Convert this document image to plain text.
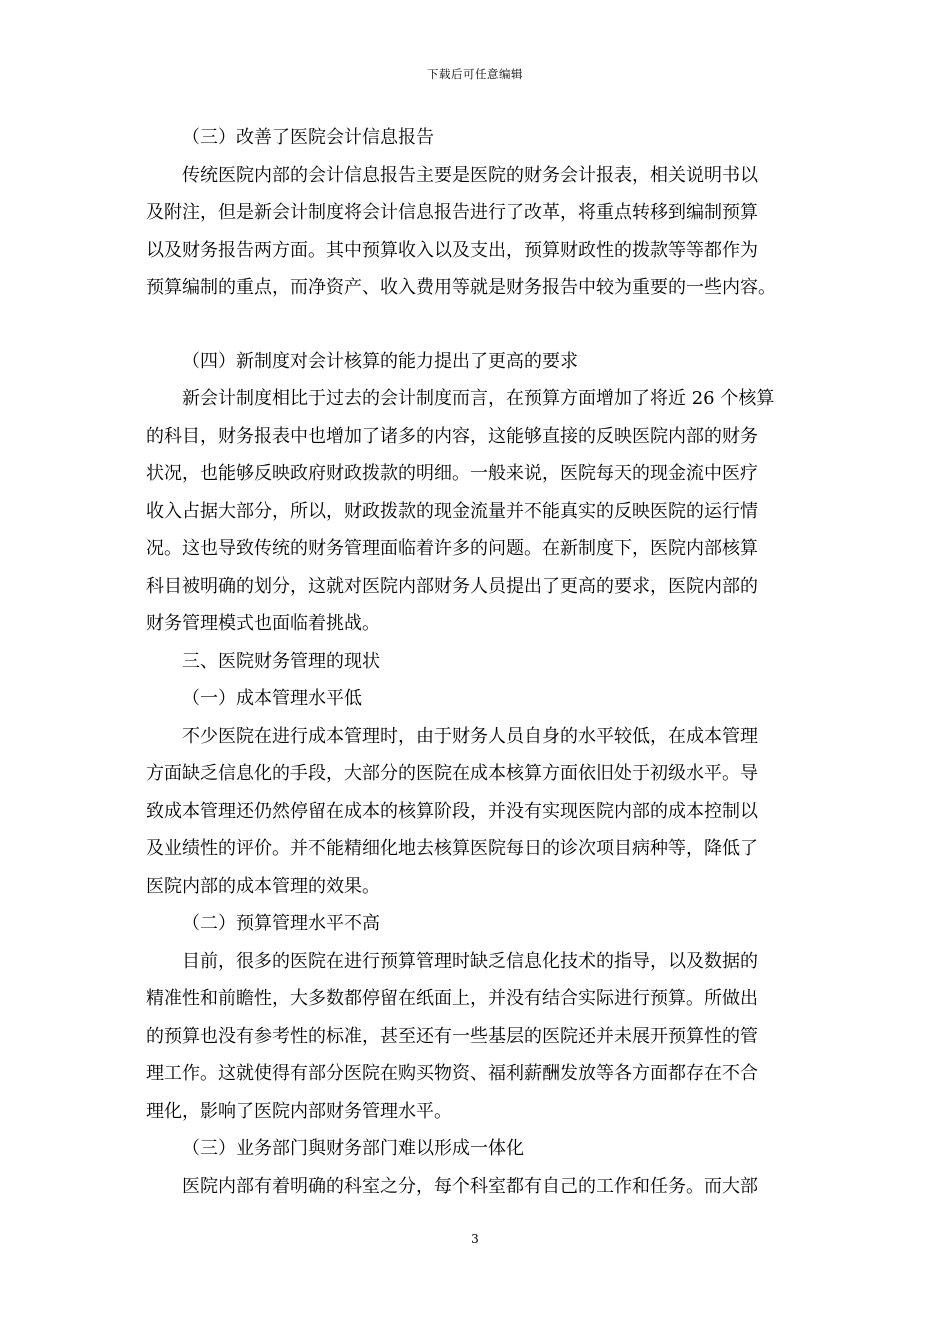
下载后可任意编辑
（三）改善了医院会计信息报告
传统医院内部的会计信息报告主要是医院的财务会计报表，相关说明书以
及附注，但是新会计制度将会计信息报告进行了改革，将重点转移到编制预算
以及财务报告两方面。其中预算收入以及支出，预算财政性的拨款等等都作为
预算编制的重点，而净资产、收入费用等就是财务报告中较为重要的一些内容。
（四）新制度对会计核算的能力提出了更高的要求
新会计制度相比于过去的会计制度而言，在预算方面增加了将近 26 个核算
的科目，财务报表中也增加了诸多的内容，这能够直接的反映医院内部的财务
状况，也能够反映政府财政拨款的明细。一般来说，医院每天的现金流中医疗
收入占据大部分，所以，财政拨款的现金流量并不能真实的反映医院的运行情
况。这也导致传统的财务管理面临着许多的问题。在新制度下，医院内部核算
科目被明确的划分，这就对医院内部财务人员提出了更高的要求，医院内部的
财务管理模式也面临着挑战。
三、医院财务管理的现状
（一）成本管理水平低
不少医院在进行成本管理时，由于财务人员自身的水平较低，在成本管理
方面缺乏信息化的手段，大部分的医院在成本核算方面依旧处于初级水平。导
致成本管理还仍然停留在成本的核算阶段，并没有实现医院内部的成本控制以
及业绩性的评价。并不能精细化地去核算医院每日的诊次项目病种等，降低了
医院内部的成本管理的效果。
（二）预算管理水平不高
目前，很多的医院在进行预算管理时缺乏信息化技术的指导，以及数据的
精准性和前瞻性，大多数都停留在纸面上，并没有结合实际进行预算。所做出
的预算也没有参考性的标准，甚至还有一些基层的医院还并未展开预算性的管
理工作。这就使得有部分医院在购买物资、福利薪酬发放等各方面都存在不合
理化，影响了医院内部财务管理水平。
（三）业务部门與财务部门难以形成一体化
医院内部有着明确的科室之分，每个科室都有自己的工作和任务。而大部
3
